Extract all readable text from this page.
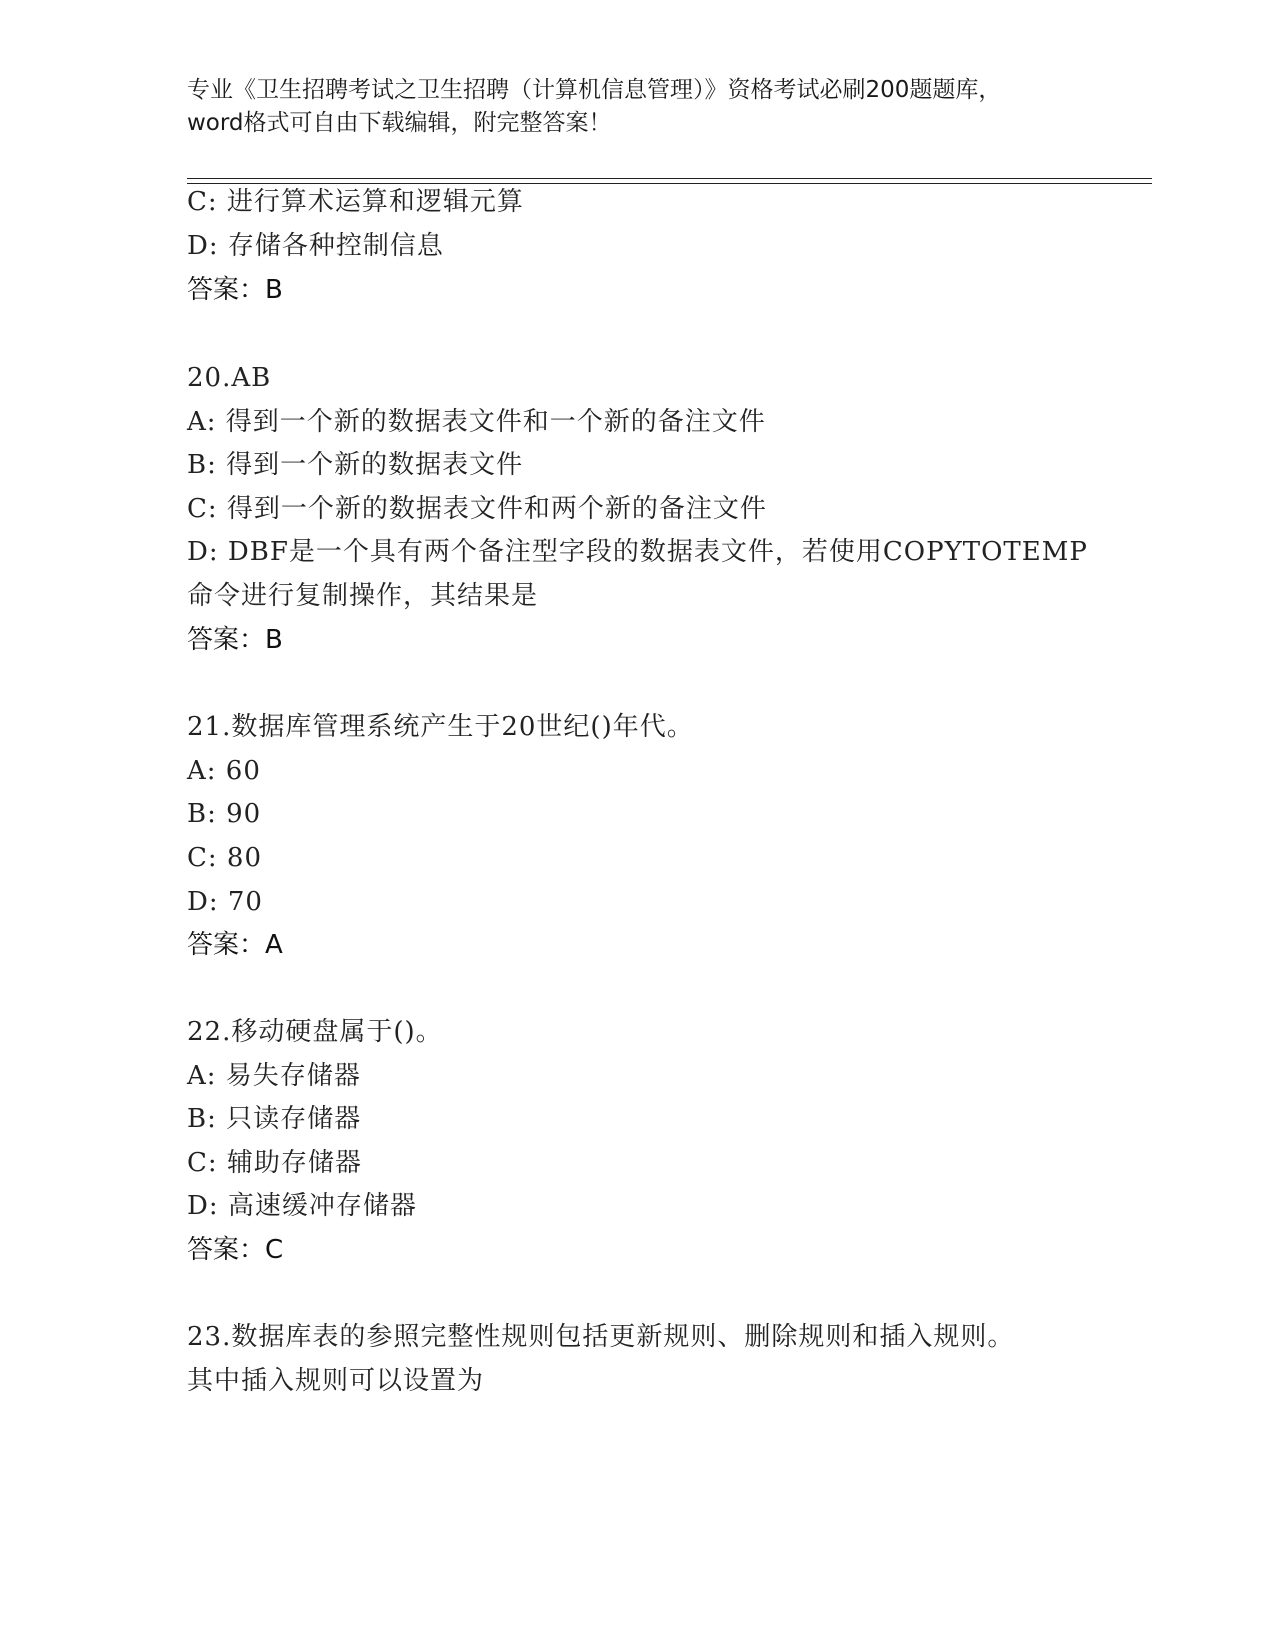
专业《卫生招聘考试之卫生招聘（计算机信息管理）》资格考试必刷200题题库，
word格式可自由下载编辑，附完整答案！
C: 进行算术运算和逻辑元算
D: 存储各种控制信息
答案：B
20.AB
A: 得到一个新的数据表文件和一个新的备注文件
B: 得到一个新的数据表文件
C: 得到一个新的数据表文件和两个新的备注文件
D: DBF是一个具有两个备注型字段的数据表文件，若使用COPYTOTEMP
命令进行复制操作，其结果是
答案：B
21.数据库管理系统产生于20世纪()年代。
A: 60
B: 90
C: 80
D: 70
答案：A
22.移动硬盘属于()。
A: 易失存储器
B: 只读存储器
C: 辅助存储器
D: 高速缓冲存储器
答案：C
23.数据库表的参照完整性规则包括更新规则、删除规则和插入规则。
其中插入规则可以设置为
